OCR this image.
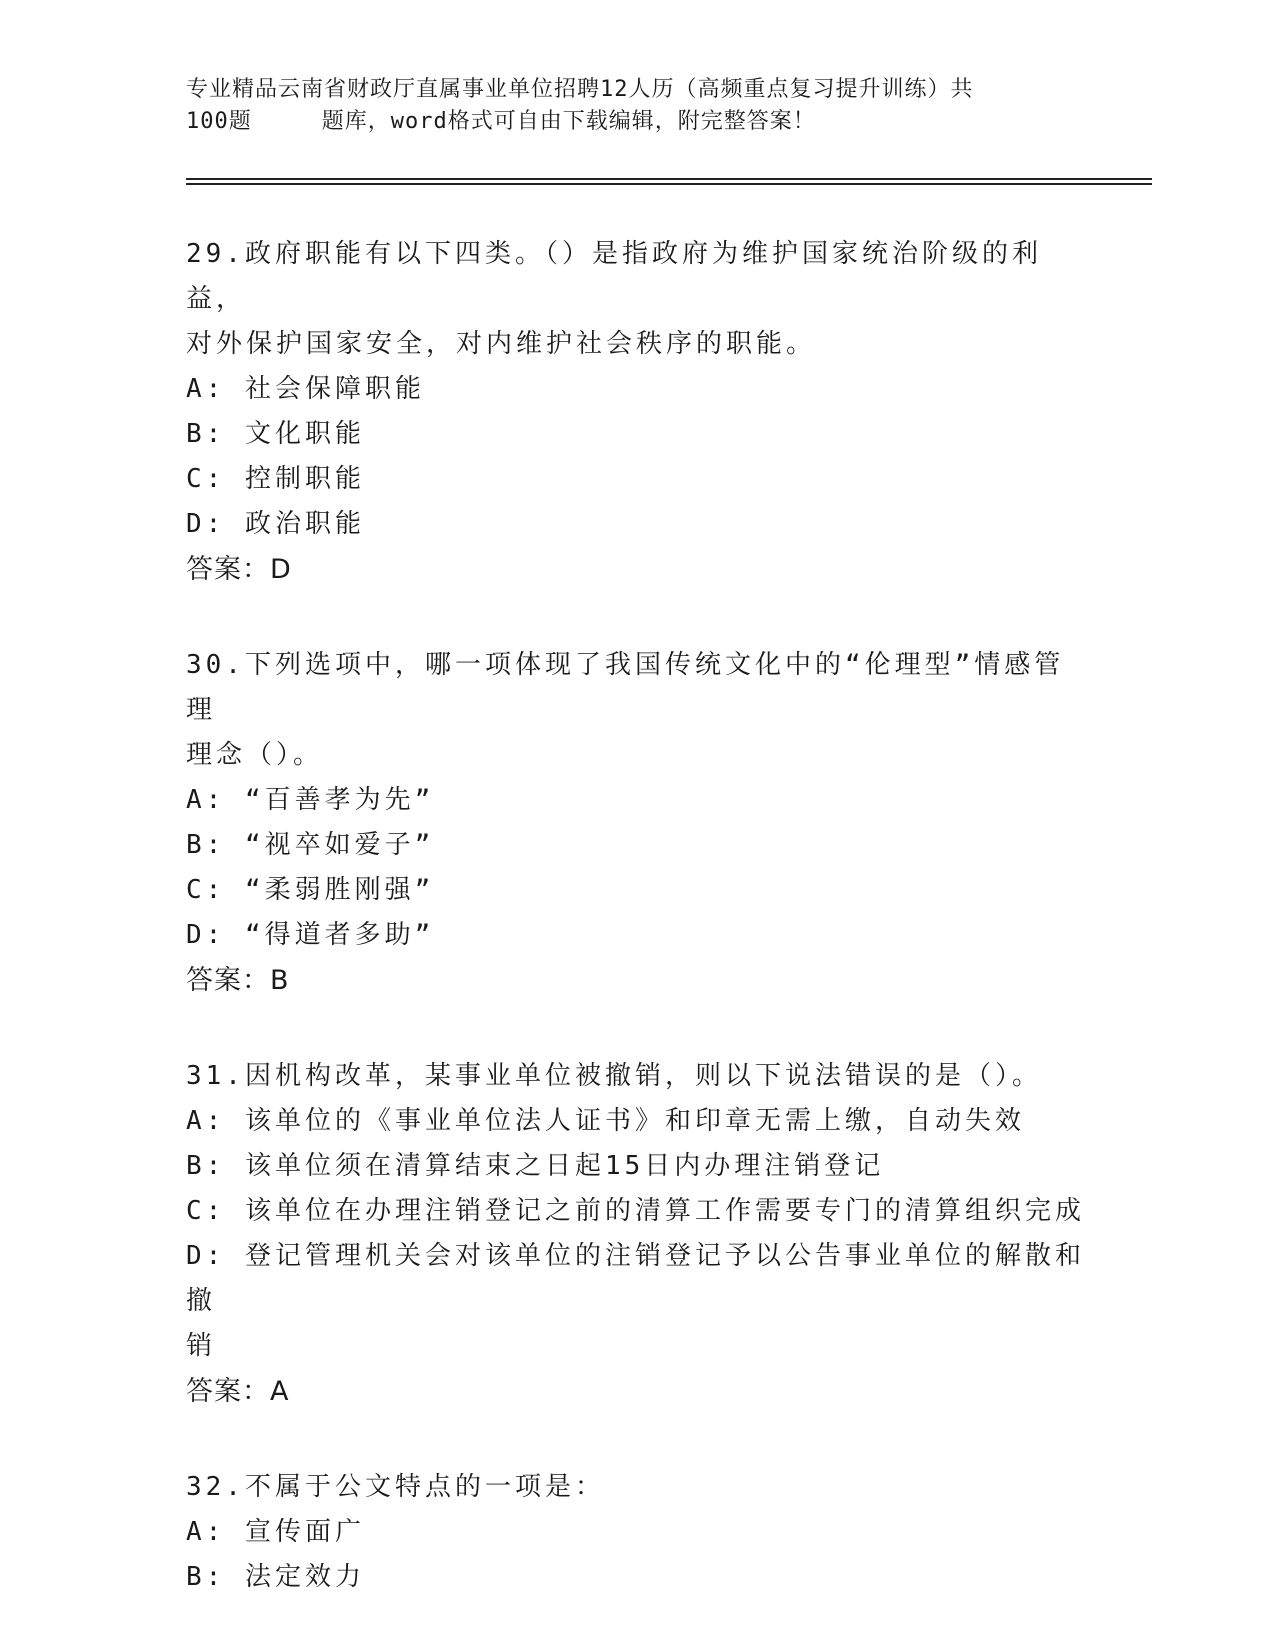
专业精品云南省财政厅直属事业单位招聘12人历（高频重点复习提升训练）共
100题	题库，word格式可自由下载编辑，附完整答案！

29.政府职能有以下四类。（）是指政府为维护国家统治阶级的利益，

对外保护国家安全，对内维护社会秩序的职能。

A: 社会保障职能

B: 文化职能

C: 控制职能

D: 政治职能

答案：D

30.下列选项中，哪一项体现了我国传统文化中的“伦理型”情感管理

理念（）。

A: “百善孝为先”

B: “视卒如爱子”

C: “柔弱胜刚强”

D: “得道者多助”

答案：B

31.因机构改革，某事业单位被撤销，则以下说法错误的是（）。

A: 该单位的《事业单位法人证书》和印章无需上缴，自动失效

B: 该单位须在清算结束之日起15日内办理注销登记

C: 该单位在办理注销登记之前的清算工作需要专门的清算组织完成

D: 登记管理机关会对该单位的注销登记予以公告事业单位的解散和撤

销

答案：A

32.不属于公文特点的一项是：

A: 宣传面广

B: 法定效力
